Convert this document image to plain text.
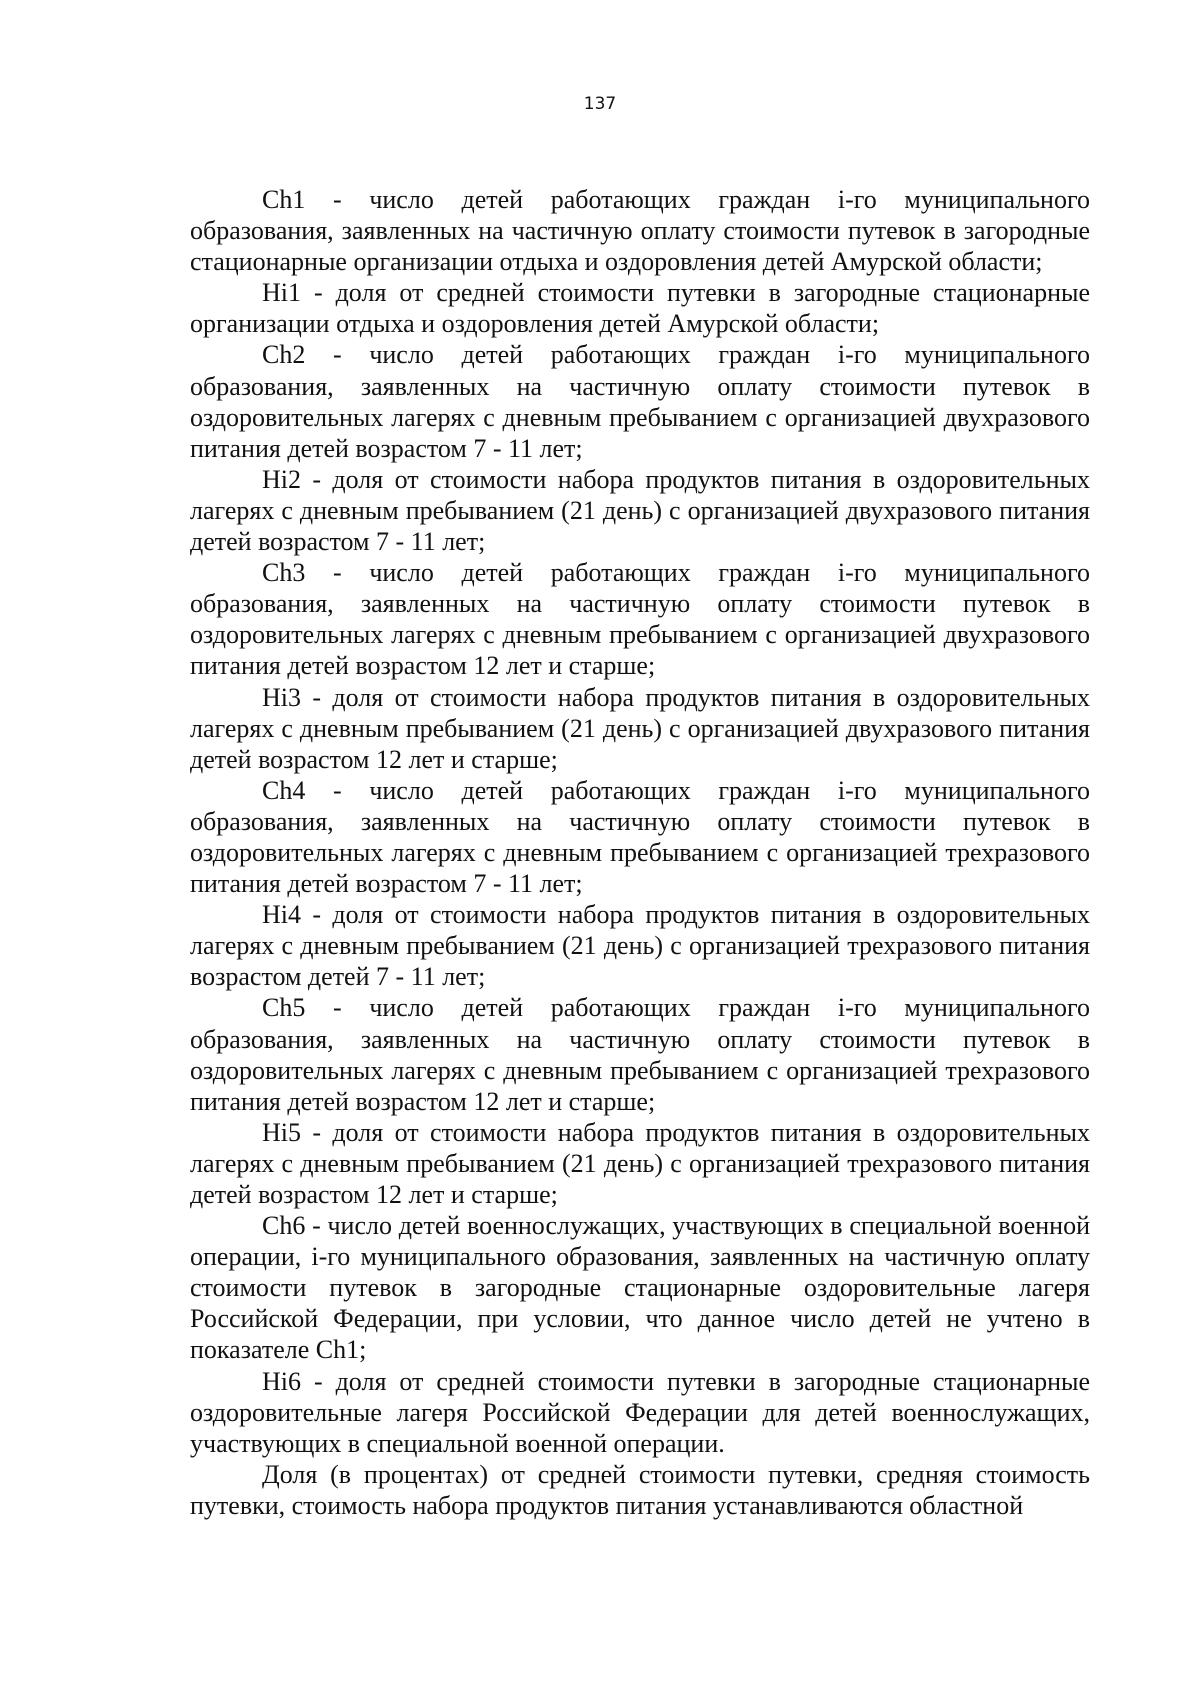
137

Ch1 - число детей работающих граждан i-го муниципального образования, заявленных на частичную оплату стоимости путевок в загородные стационарные организации отдыха и оздоровления детей Амурской области;

Hi1 - доля от средней стоимости путевки в загородные стационарные организации отдыха и оздоровления детей Амурской области;

Ch2 - число детей работающих граждан i-го муниципального образования, заявленных на частичную оплату стоимости путевок в оздоровительных лагерях с дневным пребыванием с организацией двухразового питания детей возрастом 7 - 11 лет;

Hi2 - доля от стоимости набора продуктов питания в оздоровительных лагерях с дневным пребыванием (21 день) с организацией двухразового питания детей возрастом 7 - 11 лет;

Ch3 - число детей работающих граждан i-го муниципального образования, заявленных на частичную оплату стоимости путевок в оздоровительных лагерях с дневным пребыванием с организацией двухразового питания детей возрастом 12 лет и старше;

Hi3 - доля от стоимости набора продуктов питания в оздоровительных лагерях с дневным пребыванием (21 день) с организацией двухразового питания детей возрастом 12 лет и старше;

Ch4 - число детей работающих граждан i-го муниципального образования, заявленных на частичную оплату стоимости путевок в оздоровительных лагерях с дневным пребыванием с организацией трехразового питания детей возрастом 7 - 11 лет;

Hi4 - доля от стоимости набора продуктов питания в оздоровительных лагерях с дневным пребыванием (21 день) с организацией трехразового питания возрастом детей 7 - 11 лет;

Ch5 - число детей работающих граждан i-го муниципального образования, заявленных на частичную оплату стоимости путевок в оздоровительных лагерях с дневным пребыванием с организацией трехразового питания детей возрастом 12 лет и старше;

Hi5 - доля от стоимости набора продуктов питания в оздоровительных лагерях с дневным пребыванием (21 день) с организацией трехразового питания детей возрастом 12 лет и старше;

Ch6 - число детей военнослужащих, участвующих в специальной военной операции, i-го муниципального образования, заявленных на частичную оплату стоимости путевок в загородные стационарные оздоровительные лагеря Российской Федерации, при условии, что данное число детей не учтено в показателе Ch1;

Hi6 - доля от средней стоимости путевки в загородные стационарные оздоровительные лагеря Российской Федерации для детей военнослужащих, участвующих в специальной военной операции.

Доля (в процентах) от средней стоимости путевки, средняя стоимость путевки, стоимость набора продуктов питания устанавливаются областной
